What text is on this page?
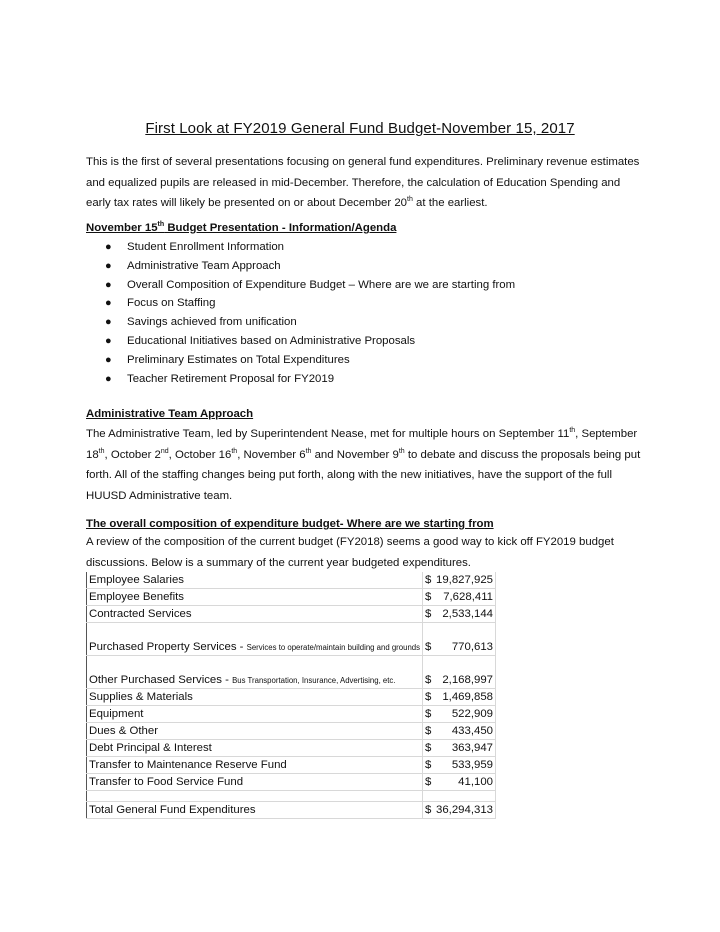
First Look at FY2019 General Fund Budget-November 15, 2017
This is the first of several presentations focusing on general fund expenditures. Preliminary revenue estimates and equalized pupils are released in mid-December. Therefore, the calculation of Education Spending and early tax rates will likely be presented on or about December 20th at the earliest.
November 15th Budget Presentation - Information/Agenda
● Student Enrollment Information
● Administrative Team Approach
● Overall Composition of Expenditure Budget – Where are we are starting from
● Focus on Staffing
● Savings achieved from unification
● Educational Initiatives based on Administrative Proposals
● Preliminary Estimates on Total Expenditures
● Teacher Retirement Proposal for FY2019
Administrative Team Approach
The Administrative Team, led by Superintendent Nease, met for multiple hours on September 11th, September 18th, October 2nd, October 16th, November 6th and November 9th to debate and discuss the proposals being put forth. All of the staffing changes being put forth, along with the new initiatives, have the support of the full HUUSD Administrative team.
The overall composition of expenditure budget- Where are we starting from
A review of the composition of the current budget (FY2018) seems a good way to kick off FY2019 budget discussions. Below is a summary of the current year budgeted expenditures.
Employee Salaries	$ 19,827,925

Employee Benefits	$ 7,628,411

Contracted Services	$ 2,533,144

Purchased Property Services - Services to operate/maintain building and grounds	$ 770,613

Other Purchased Services - Bus Transportation, Insurance, Advertising, etc.	$ 2,168,997

Supplies & Materials	$ 1,469,858

Equipment	$ 522,909

Dues & Other	$ 433,450

Debt Principal & Interest	$ 363,947

Transfer to Maintenance Reserve Fund	$ 533,959

Transfer to Food Service Fund	$ 41,100

Total General Fund Expenditures	$ 36,294,313
